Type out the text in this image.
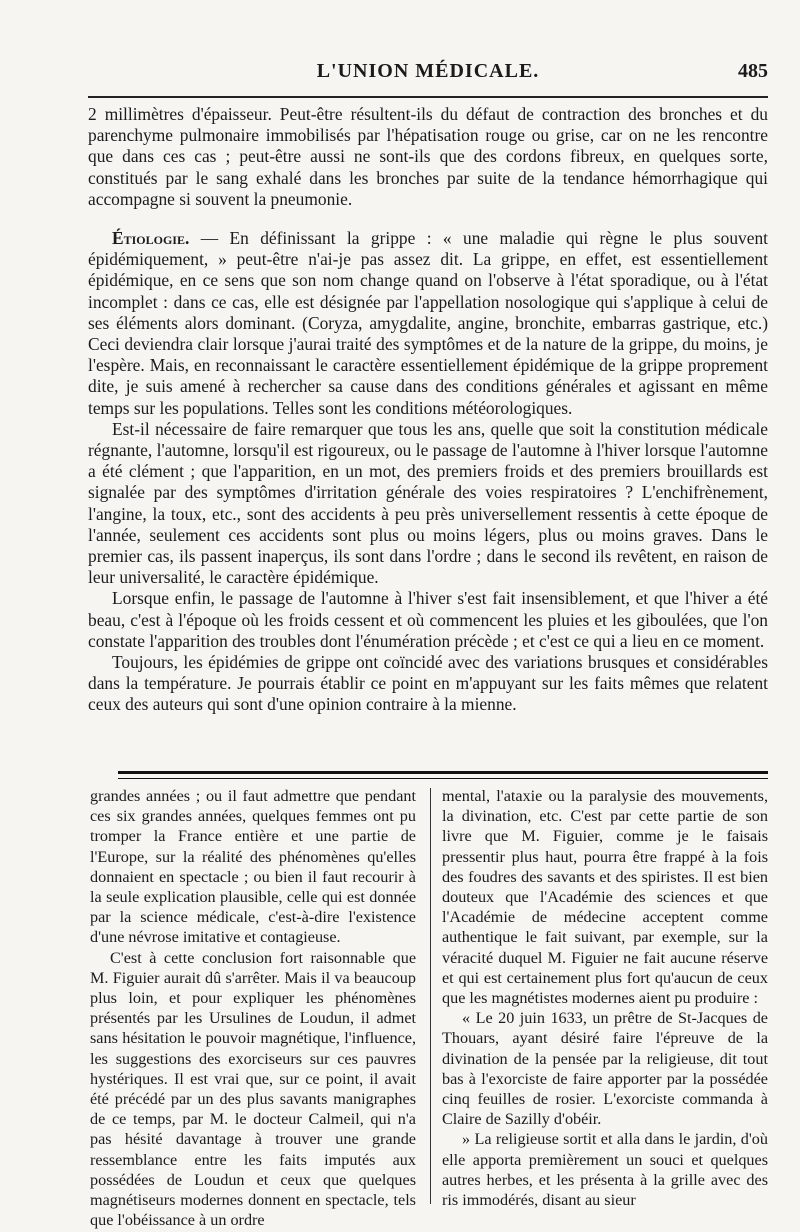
L'UNION MÉDICALE.	485

2 millimètres d'épaisseur. Peut-être résultent-ils du défaut de contraction des bronches et du parenchyme pulmonaire immobilisés par l'hépatisation rouge ou grise, car on ne les rencontre que dans ces cas ; peut-être aussi ne sont-ils que des cordons fibreux, en quelques sorte, constitués par le sang exhalé dans les bronches par suite de la tendance hémorrhagique qui accompagne si souvent la pneumonie.

Étiologie. — En définissant la grippe : « une maladie qui règne le plus souvent épidémiquement, » peut-être n'ai-je pas assez dit. La grippe, en effet, est essentiellement épidémique, en ce sens que son nom change quand on l'observe à l'état sporadique, ou à l'état incomplet : dans ce cas, elle est désignée par l'appellation nosologique qui s'applique à celui de ses éléments alors dominant. (Coryza, amygdalite, angine, bronchite, embarras gastrique, etc.) Ceci deviendra clair lorsque j'aurai traité des symptômes et de la nature de la grippe, du moins, je l'espère. Mais, en reconnaissant le caractère essentiellement épidémique de la grippe proprement dite, je suis amené à rechercher sa cause dans des conditions générales et agissant en même temps sur les populations. Telles sont les conditions météorologiques.

Est-il nécessaire de faire remarquer que tous les ans, quelle que soit la constitution médicale régnante, l'automne, lorsqu'il est rigoureux, ou le passage de l'automne à l'hiver lorsque l'automne a été clément ; que l'apparition, en un mot, des premiers froids et des premiers brouillards est signalée par des symptômes d'irritation générale des voies respiratoires ? L'enchifrènement, l'angine, la toux, etc., sont des accidents à peu près universellement ressentis à cette époque de l'année, seulement ces accidents sont plus ou moins légers, plus ou moins graves. Dans le premier cas, ils passent inaperçus, ils sont dans l'ordre ; dans le second ils revêtent, en raison de leur universalité, le caractère épidémique.

Lorsque enfin, le passage de l'automne à l'hiver s'est fait insensiblement, et que l'hiver a été beau, c'est à l'époque où les froids cessent et où commencent les pluies et les giboulées, que l'on constate l'apparition des troubles dont l'énumération précède ; et c'est ce qui a lieu en ce moment.

Toujours, les épidémies de grippe ont coïncidé avec des variations brusques et considérables dans la température. Je pourrais établir ce point en m'appuyant sur les faits mêmes que relatent ceux des auteurs qui sont d'une opinion contraire à la mienne.

grandes années ; ou il faut admettre que pendant ces six grandes années, quelques femmes ont pu tromper la France entière et une partie de l'Europe, sur la réalité des phénomènes qu'elles donnaient en spectacle ; ou bien il faut recourir à la seule explication plausible, celle qui est donnée par la science médicale, c'est-à-dire l'existence d'une névrose imitative et contagieuse.

C'est à cette conclusion fort raisonnable que M. Figuier aurait dû s'arrêter. Mais il va beaucoup plus loin, et pour expliquer les phénomènes présentés par les Ursulines de Loudun, il admet sans hésitation le pouvoir magnétique, l'influence, les suggestions des exorciseurs sur ces pauvres hystériques. Il est vrai que, sur ce point, il avait été précédé par un des plus savants manigraphes de ce temps, par M. le docteur Calmeil, qui n'a pas hésité davantage à trouver une grande ressemblance entre les faits imputés aux possédées de Loudun et ceux que quelques magnétiseurs modernes donnent en spectacle, tels que l'obéissance à un ordre

mental, l'ataxie ou la paralysie des mouvements, la divination, etc. C'est par cette partie de son livre que M. Figuier, comme je le faisais pressentir plus haut, pourra être frappé à la fois des foudres des savants et des spiristes. Il est bien douteux que l'Académie des sciences et que l'Académie de médecine acceptent comme authentique le fait suivant, par exemple, sur la véracité duquel M. Figuier ne fait aucune réserve et qui est certainement plus fort qu'aucun de ceux que les magnétistes modernes aient pu produire :

« Le 20 juin 1633, un prêtre de St-Jacques de Thouars, ayant désiré faire l'épreuve de la divination de la pensée par la religieuse, dit tout bas à l'exorciste de faire apporter par la possédée cinq feuilles de rosier. L'exorciste commanda à Claire de Sazilly d'obéir.

» La religieuse sortit et alla dans le jardin, d'où elle apporta premièrement un souci et quelques autres herbes, et les présenta à la grille avec des ris immodérés, disant au sieur
